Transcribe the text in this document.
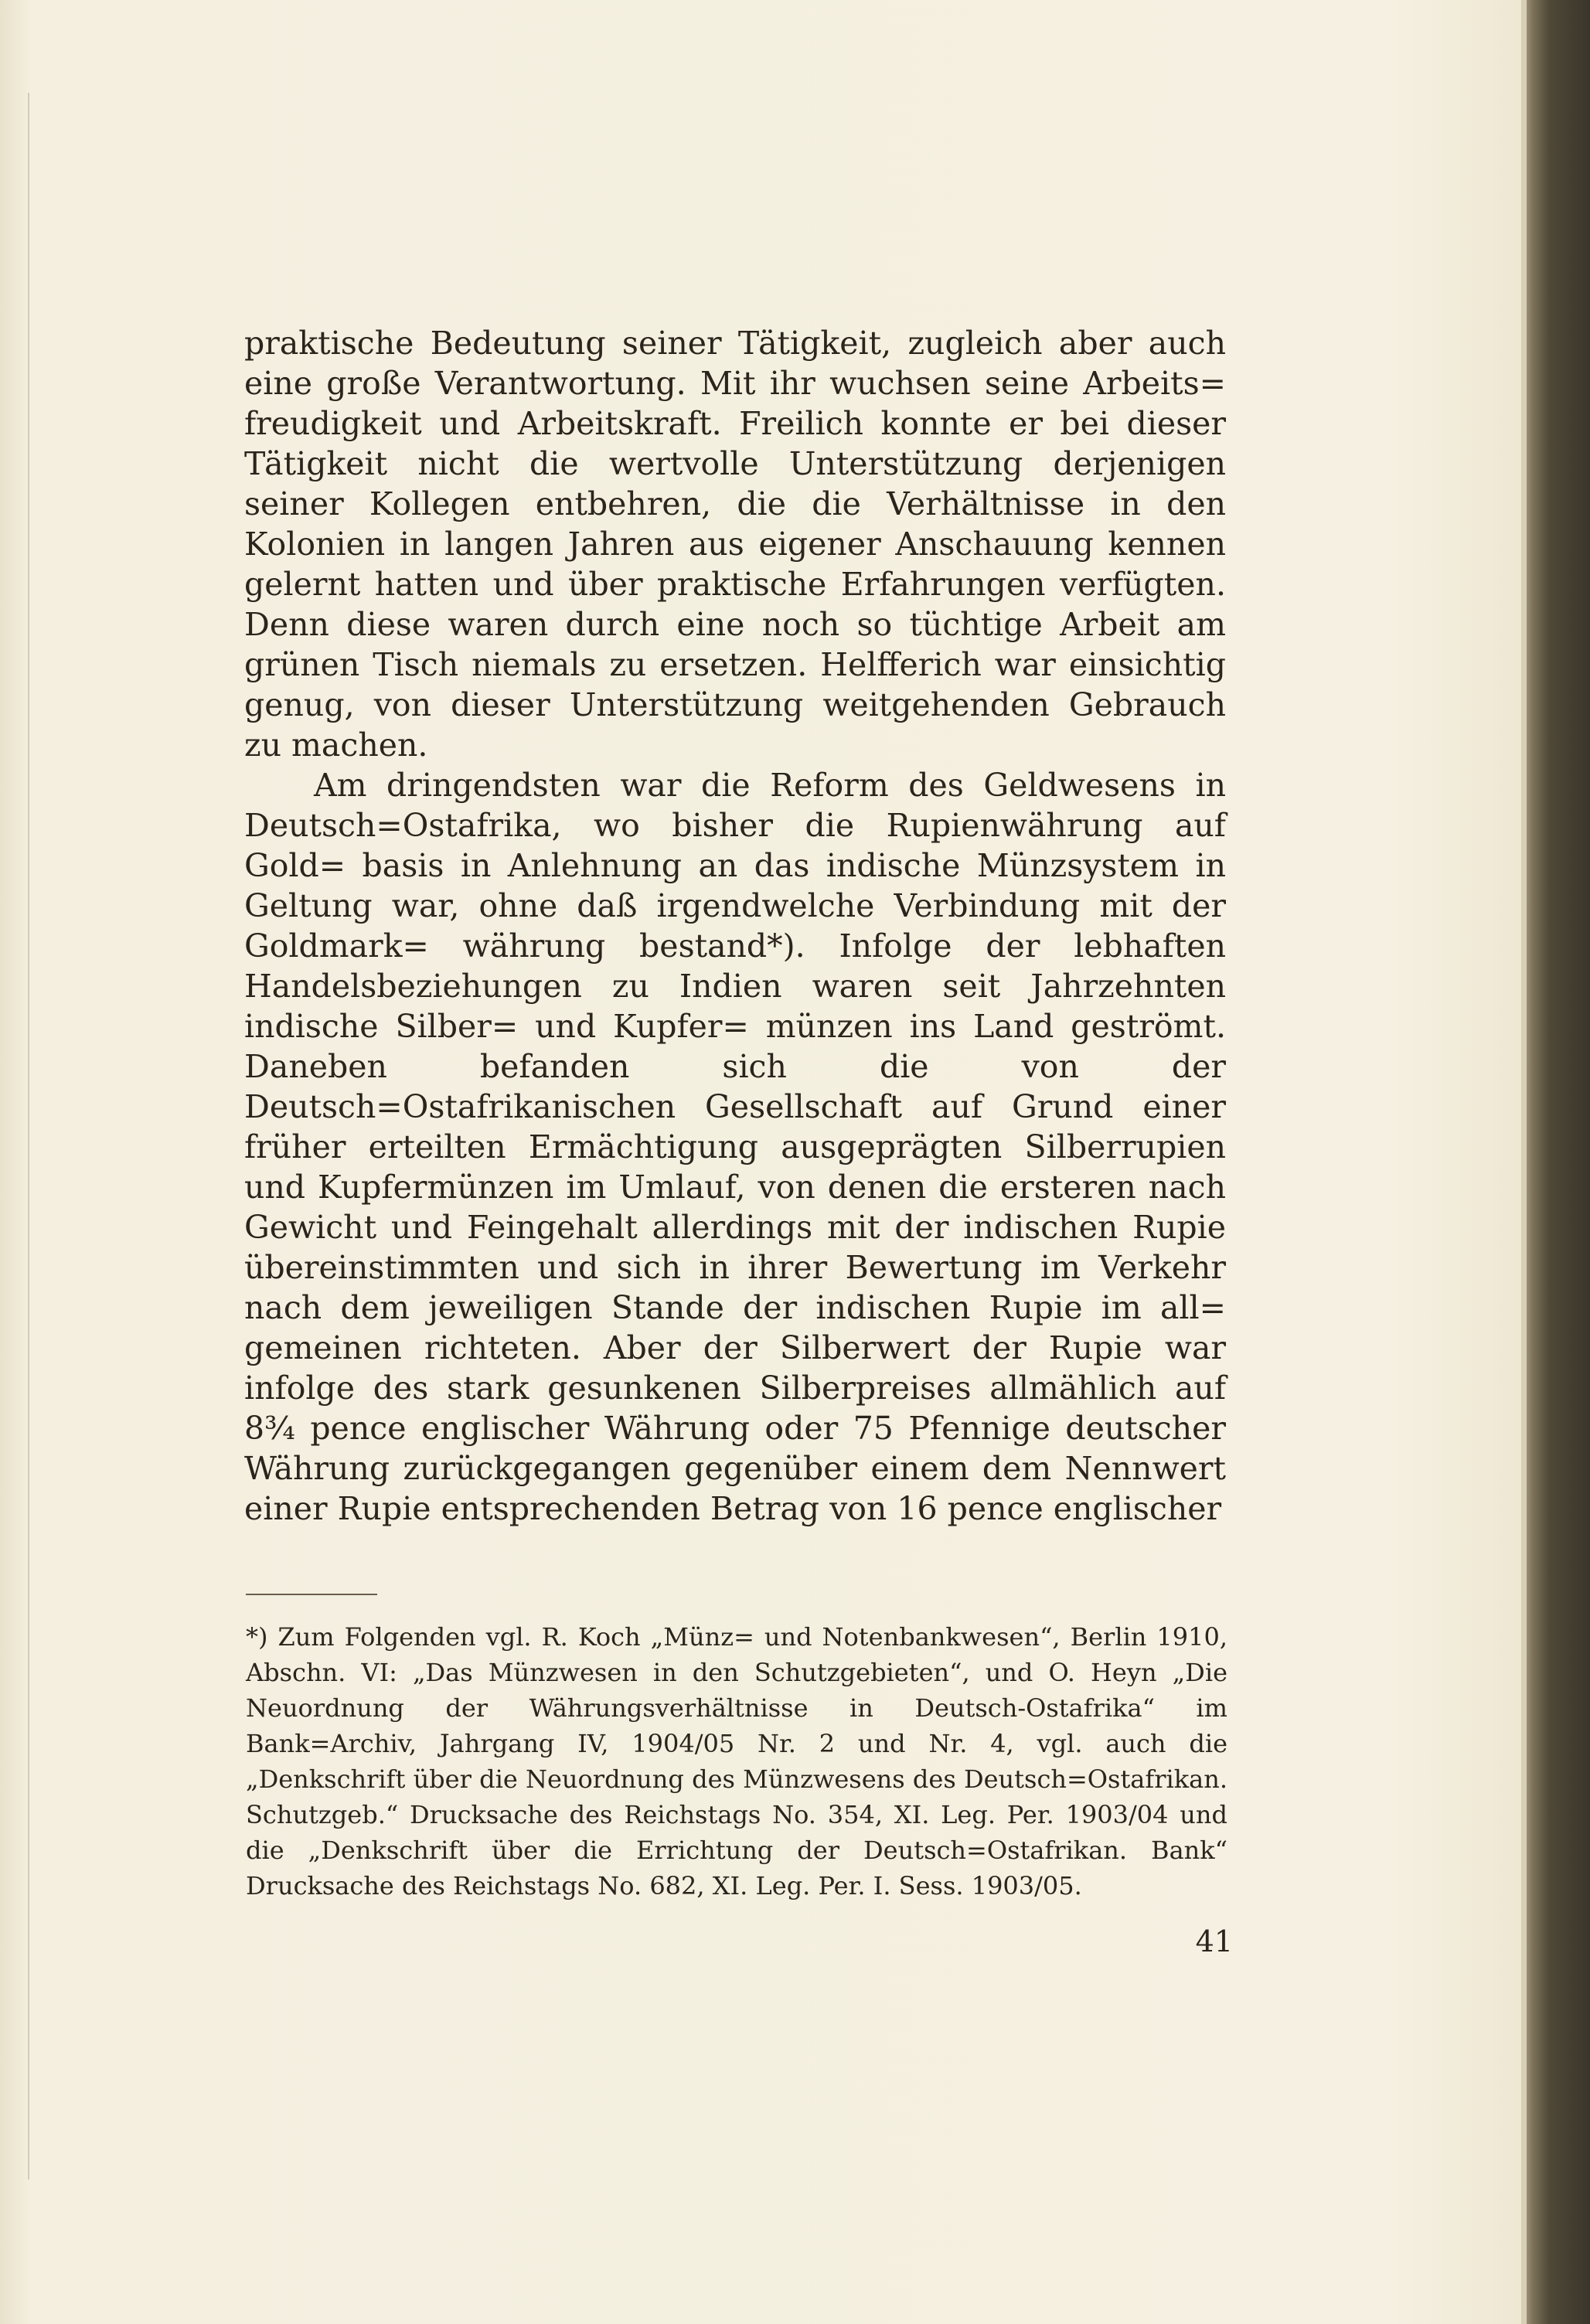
praktische Bedeutung seiner Tätigkeit, zugleich aber auch eine große Verantwortung. Mit ihr wuchsen seine Arbeits= freudigkeit und Arbeitskraft. Freilich konnte er bei dieser Tätigkeit nicht die wertvolle Unterstützung derjenigen seiner Kollegen entbehren, die die Verhältnisse in den Kolonien in langen Jahren aus eigener Anschauung kennen gelernt hatten und über praktische Erfahrungen verfügten. Denn diese waren durch eine noch so tüchtige Arbeit am grünen Tisch niemals zu ersetzen. Helfferich war einsichtig genug, von dieser Unterstützung weitgehenden Gebrauch zu machen.

Am dringendsten war die Reform des Geldwesens in Deutsch=Ostafrika, wo bisher die Rupienwährung auf Gold= basis in Anlehnung an das indische Münzsystem in Geltung war, ohne daß irgendwelche Verbindung mit der Goldmark= währung bestand*). Infolge der lebhaften Handelsbeziehungen zu Indien waren seit Jahrzehnten indische Silber= und Kupfer= münzen ins Land geströmt. Daneben befanden sich die von der Deutsch=Ostafrikanischen Gesellschaft auf Grund einer früher erteilten Ermächtigung ausgeprägten Silberrupien und Kupfermünzen im Umlauf, von denen die ersteren nach Gewicht und Feingehalt allerdings mit der indischen Rupie übereinstimmten und sich in ihrer Bewertung im Verkehr nach dem jeweiligen Stande der indischen Rupie im all= gemeinen richteten. Aber der Silberwert der Rupie war infolge des stark gesunkenen Silberpreises allmählich auf 8¾ pence englischer Währung oder 75 Pfennige deutscher Währung zurückgegangen gegenüber einem dem Nennwert einer Rupie entsprechenden Betrag von 16 pence englischer

*) Zum Folgenden vgl. R. Koch „Münz= und Notenbankwesen“, Berlin 1910, Abschn. VI: „Das Münzwesen in den Schutzgebieten“, und O. Heyn „Die Neuordnung der Währungsverhältnisse in Deutsch-Ostafrika“ im Bank=Archiv, Jahrgang IV, 1904/05 Nr. 2 und Nr. 4, vgl. auch die „Denkschrift über die Neuordnung des Münzwesens des Deutsch=Ostafrikan. Schutzgeb.“ Drucksache des Reichstags No. 354, XI. Leg. Per. 1903/04 und die „Denkschrift über die Errichtung der Deutsch=Ostafrikan. Bank“ Drucksache des Reichstags No. 682, XI. Leg. Per. I. Sess. 1903/05.
41
